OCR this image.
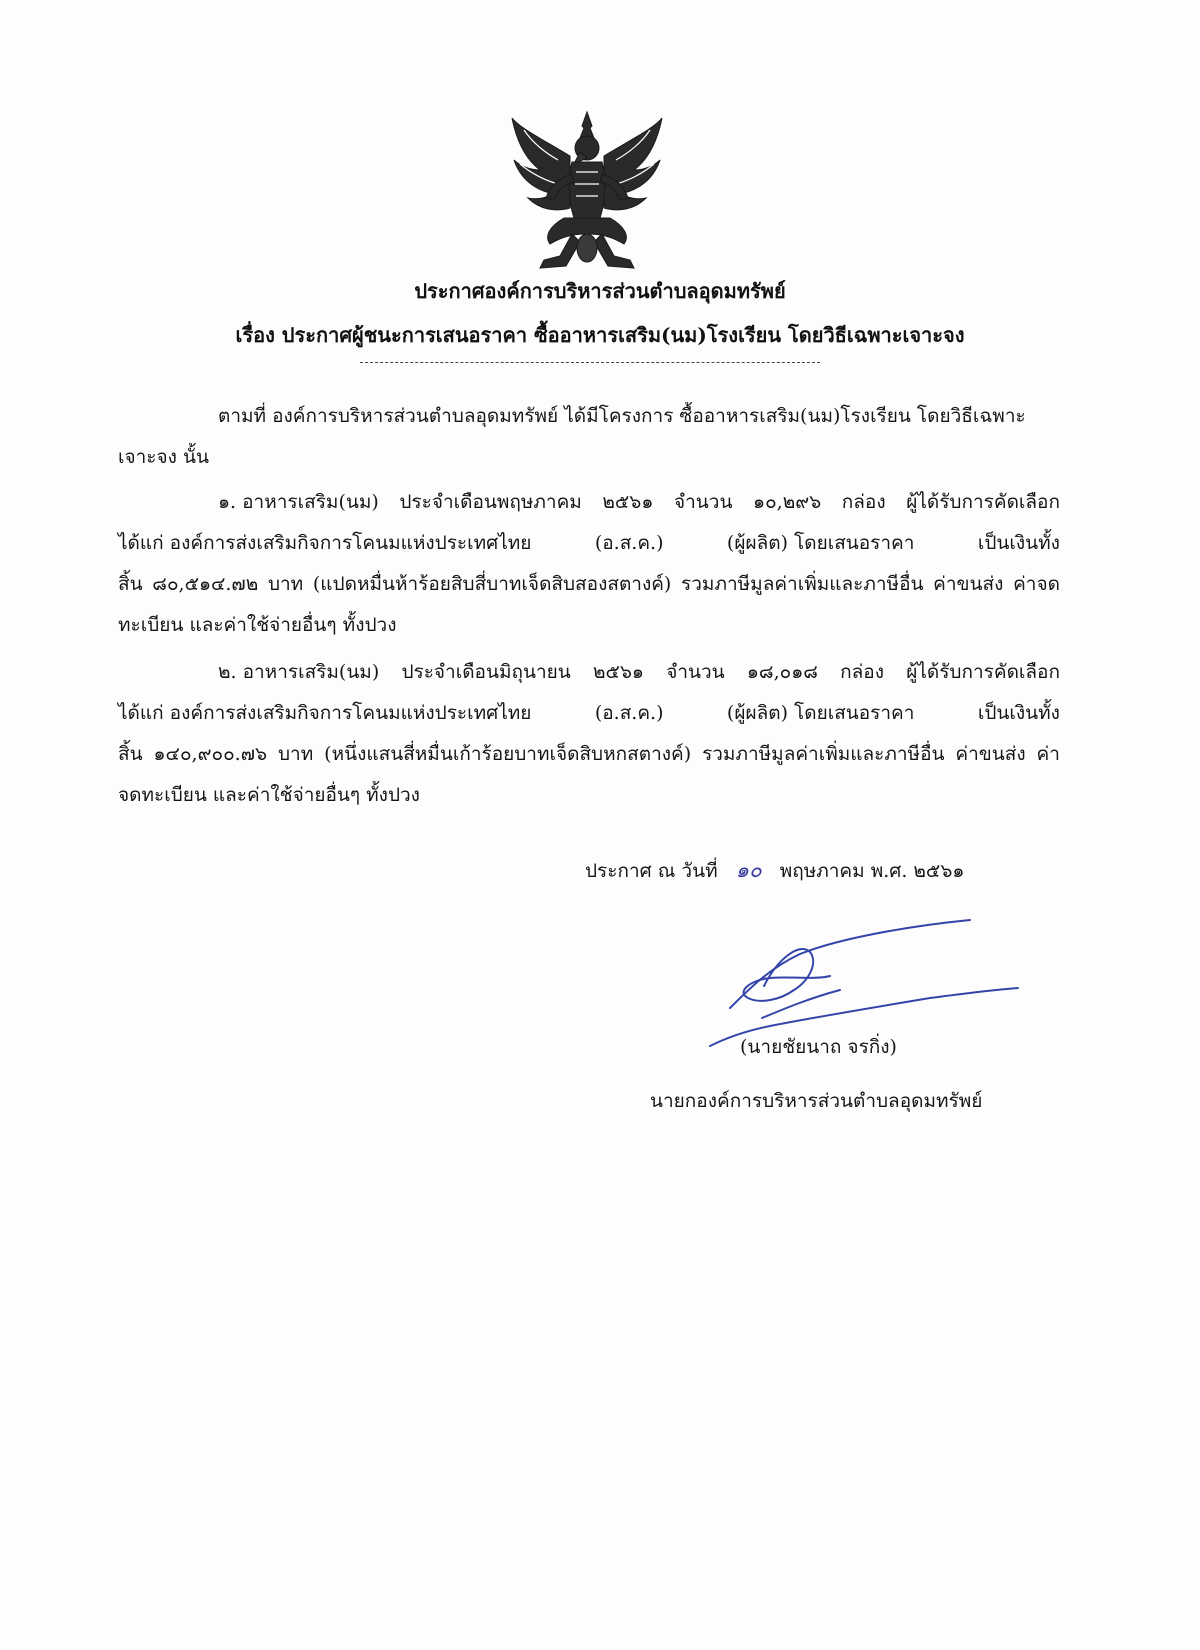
ประกาศองค์การบริหารส่วนตำบลอุดมทรัพย์
เรื่อง ประกาศผู้ชนะการเสนอราคา ซื้ออาหารเสริม(นม)โรงเรียน โดยวิธีเฉพาะเจาะจง
ตามที่ องค์การบริหารส่วนตำบลอุดมทรัพย์ ได้มีโครงการ ซื้ออาหารเสริม(นม)โรงเรียน โดยวิธีเฉพาะ
เจาะจง นั้น
๑. อาหารเสริม(นม) ประจำเดือนพฤษภาคม ๒๕๖๑ จำนวน ๑๐,๒๙๖ กล่อง ผู้ได้รับการคัดเลือก
ได้แก่ องค์การส่งเสริมกิจการโคนมแห่งประเทศไทย	(อ.ส.ค.)	(ผู้ผลิต) โดยเสนอราคา	เป็นเงินทั้ง
สิ้น ๘๐,๕๑๔.๗๒ บาท (แปดหมื่นห้าร้อยสิบสี่บาทเจ็ดสิบสองสตางค์) รวมภาษีมูลค่าเพิ่มและภาษีอื่น ค่าขนส่ง ค่าจด
ทะเบียน และค่าใช้จ่ายอื่นๆ ทั้งปวง
๒. อาหารเสริม(นม) ประจำเดือนมิถุนายน ๒๕๖๑ จำนวน ๑๘,๐๑๘ กล่อง ผู้ได้รับการคัดเลือก
ได้แก่ องค์การส่งเสริมกิจการโคนมแห่งประเทศไทย	(อ.ส.ค.)	(ผู้ผลิต) โดยเสนอราคา	เป็นเงินทั้ง
สิ้น ๑๔๐,๙๐๐.๗๖ บาท (หนึ่งแสนสี่หมื่นเก้าร้อยบาทเจ็ดสิบหกสตางค์) รวมภาษีมูลค่าเพิ่มและภาษีอื่น ค่าขนส่ง ค่า
จดทะเบียน และค่าใช้จ่ายอื่นๆ ทั้งปวง
ประกาศ ณ วันที่ ๑๐ พฤษภาคม พ.ศ. ๒๕๖๑
(นายชัยนาถ จรกิ่ง)
นายกองค์การบริหารส่วนตำบลอุดมทรัพย์
